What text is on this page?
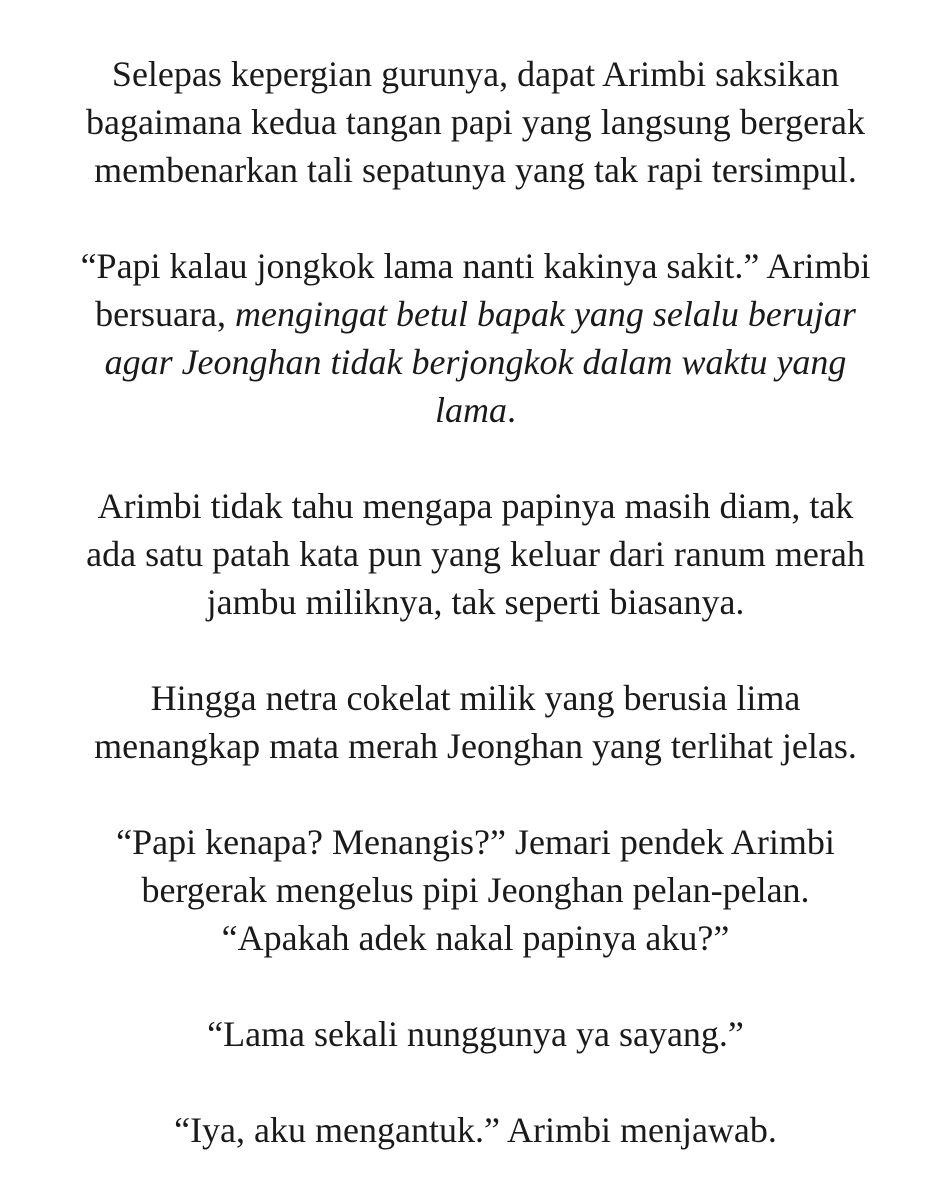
Selepas kepergian gurunya, dapat Arimbi saksikan
bagaimana kedua tangan papi yang langsung bergerak
membenarkan tali sepatunya yang tak rapi tersimpul.

“Papi kalau jongkok lama nanti kakinya sakit.” Arimbi
bersuara, mengingat betul bapak yang selalu berujar
agar Jeonghan tidak berjongkok dalam waktu yang
lama.

Arimbi tidak tahu mengapa papinya masih diam, tak
ada satu patah kata pun yang keluar dari ranum merah
jambu miliknya, tak seperti biasanya.

Hingga netra cokelat milik yang berusia lima
menangkap mata merah Jeonghan yang terlihat jelas.

“Papi kenapa? Menangis?” Jemari pendek Arimbi
bergerak mengelus pipi Jeonghan pelan-pelan.
“Apakah adek nakal papinya aku?”

“Lama sekali nunggunya ya sayang.”

“Iya, aku mengantuk.” Arimbi menjawab.
